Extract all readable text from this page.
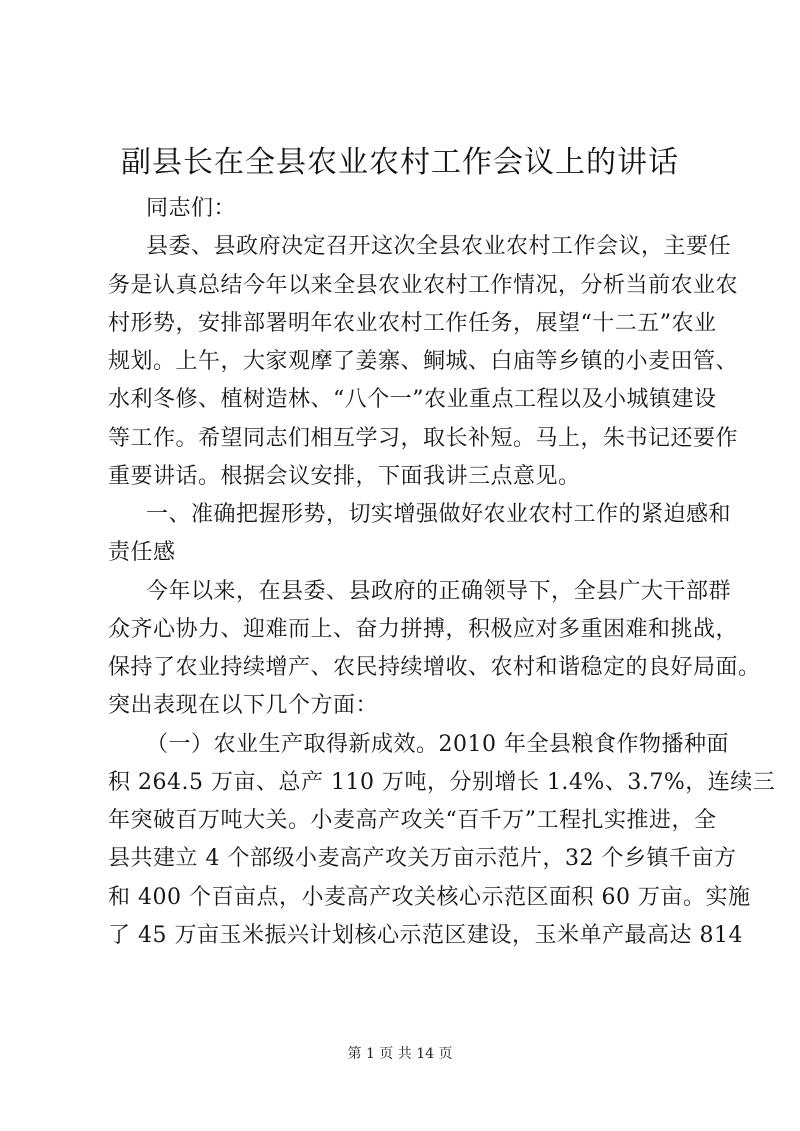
副县长在全县农业农村工作会议上的讲话
同志们：
县委、县政府决定召开这次全县农业农村工作会议，主要任
务是认真总结今年以来全县农业农村工作情况，分析当前农业农
村形势，安排部署明年农业农村工作任务，展望“十二五”农业
规划。上午，大家观摩了姜寨、鲖城、白庙等乡镇的小麦田管、
水利冬修、植树造林、“八个一”农业重点工程以及小城镇建设
等工作。希望同志们相互学习，取长补短。马上，朱书记还要作
重要讲话。根据会议安排，下面我讲三点意见。
一、准确把握形势，切实增强做好农业农村工作的紧迫感和
责任感
今年以来，在县委、县政府的正确领导下，全县广大干部群
众齐心协力、迎难而上、奋力拼搏，积极应对多重困难和挑战，
保持了农业持续增产、农民持续增收、农村和谐稳定的良好局面。
突出表现在以下几个方面：
（一）农业生产取得新成效。2010 年全县粮食作物播种面
积 264.5 万亩、总产 110 万吨，分别增长 1.4%、3.7%，连续三
年突破百万吨大关。小麦高产攻关“百千万”工程扎实推进，全
县共建立 4 个部级小麦高产攻关万亩示范片，32 个乡镇千亩方
和 400 个百亩点，小麦高产攻关核心示范区面积 60 万亩。实施
了 45 万亩玉米振兴计划核心示范区建设，玉米单产最高达 814
第 1 页 共 14 页
